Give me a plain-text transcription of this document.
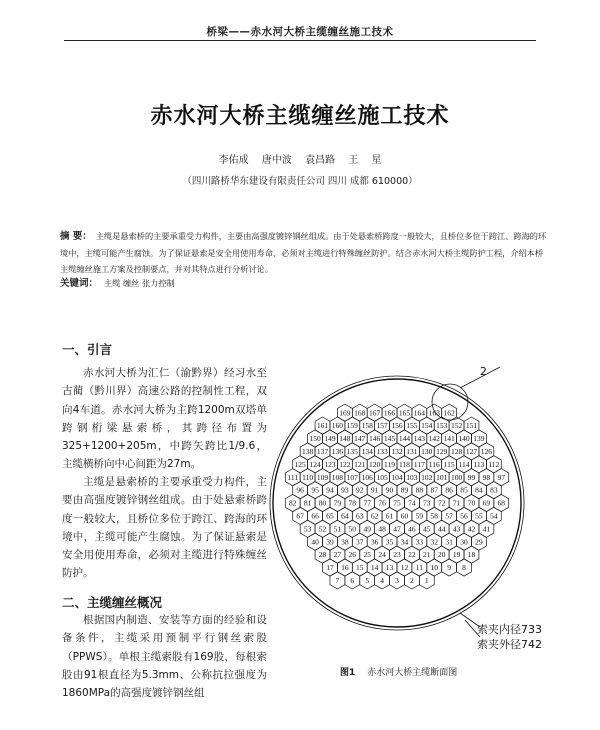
桥梁——赤水河大桥主缆缠丝施工技术
赤水河大桥主缆缠丝施工技术
李佑成 唐中波 袁昌路 王 星
（四川路桥华东建设有限责任公司 四川 成都 610000）
摘 要： 主缆是悬索桥的主要承重受力构件，主要由高强度镀锌钢丝组成。由于处悬索桥跨度一般较大，且桥位多位于跨江、跨海的环境中，主缆可能产生腐蚀。为了保证悬索是安全用使用寿命，必须对主缆进行特殊缠丝防护。结合赤水河大桥主缆防护工程，介绍本桥主缆缠丝施工方案及控制要点，并对其特点进行分析讨论。
关键词： 主缆 缠丝 张力控制
一、引言

赤水河大桥为汇仁（渝黔界）经习水至古蔺（黔川界）高速公路的控制性工程，双向4车道。赤水河大桥为主跨1200m双塔单跨钢桁梁悬索桥，其跨径布置为325+1200+205m，中跨矢跨比1/9.6，主缆横桥向中心间距为27m。

主缆是悬索桥的主要承重受力构件，主要由高强度镀锌钢丝组成。由于处悬索桥跨度一般较大，且桥位多位于跨江、跨海的环境中，主缆可能产生腐蚀。为了保证悬索是安全用使用寿命，必须对主缆进行特殊缠丝防护。

二、主缆缠丝概况

根据国内制造、安装等方面的经验和设备条件，主缆采用预制平行钢丝索股（PPWS）。单根主缆索股有169股，每根索股由91根直径为5.3mm、公称抗拉强度为1860MPa的高强度镀锌钢丝组

169 168 167 166 165 164 163 162
161 160 159 158 157 156 155 154 153 152 151
150 149 148 147 146 145 144 143 142 141 140 139
138 137 136 135 134 133 132 131 130 129 128 127 126
125 124 123 122 121 120 119 118 117 116 115 114 113 112
111 110 109 108 107 106 105 104 103 102 101 100 99 98 97
96 95 94 93 92 91 90 89 88 87 86 85 84 83
82 81 80 79 78 77 76 75 74 73 72 71 70 69 68
67 66 65 64 63 62 61 60 59 58 57 56 55 54
53 52 51 50 49 48 47 46 45 44 43 42 41
40 39 38 37 36 35 34 33 32 31 30 29
28 27 26 25 24 23 22 21 20 19 18
17 16 15 14 13 12 11 10 9 8
7 6 5 4 3 2 1
2
索夹内径733
索夹外径742
图1 赤水河大桥主缆断面图
